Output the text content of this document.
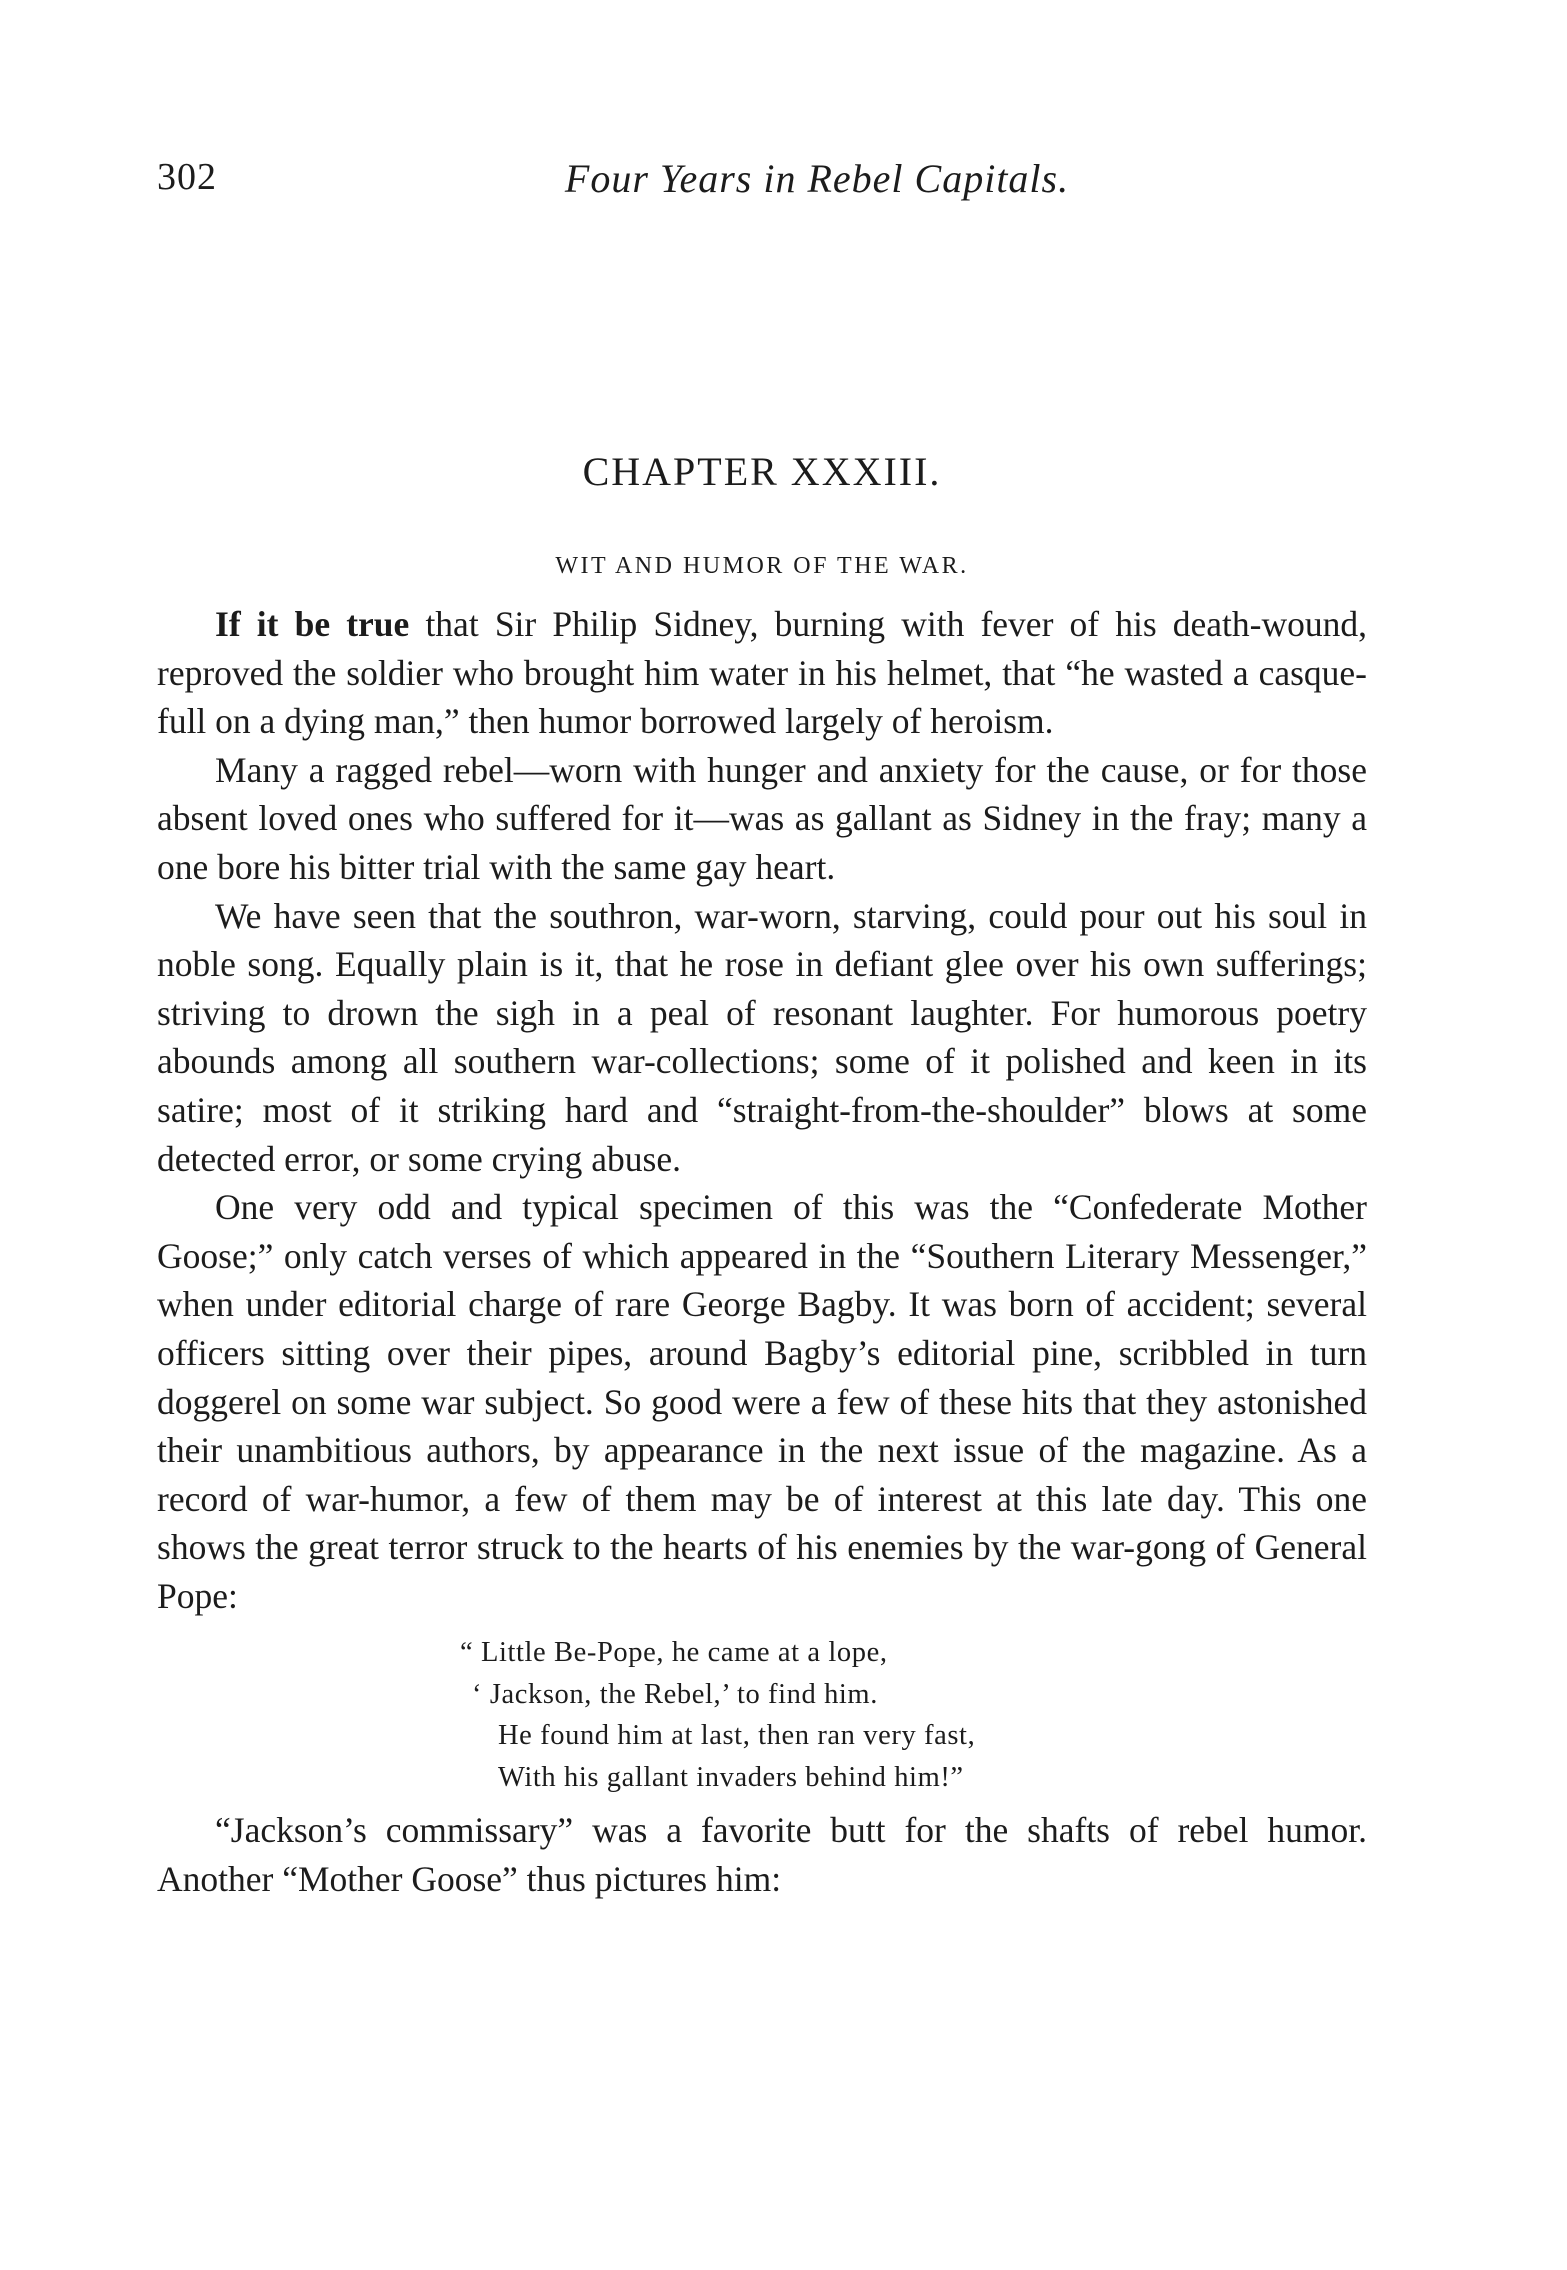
302	Four Years in Rebel Capitals.
CHAPTER XXXIII.
WIT AND HUMOR OF THE WAR.

If it be true that Sir Philip Sidney, burning with fever of his death-wound, reproved the soldier who brought him water in his helmet, that “he wasted a casque-full on a dying man,” then humor borrowed largely of heroism.

Many a ragged rebel—worn with hunger and anxiety for the cause, or for those absent loved ones who suffered for it—was as gallant as Sidney in the fray; many a one bore his bitter trial with the same gay heart.

We have seen that the southron, war-worn, starving, could pour out his soul in noble song. Equally plain is it, that he rose in defiant glee over his own sufferings; striving to drown the sigh in a peal of resonant laughter. For humorous poetry abounds among all southern war-collections; some of it polished and keen in its satire; most of it striking hard and “straight-from-the-shoulder” blows at some detected error, or some crying abuse.

One very odd and typical specimen of this was the “Confederate Mother Goose;” only catch verses of which appeared in the “Southern Literary Messenger,” when under editorial charge of rare George Bagby. It was born of accident; several officers sitting over their pipes, around Bagby’s editorial pine, scribbled in turn doggerel on some war subject. So good were a few of these hits that they astonished their unambitious authors, by appearance in the next issue of the magazine. As a record of war-humor, a few of them may be of interest at this late day. This one shows the great terror struck to the hearts of his enemies by the war-gong of General Pope:

“ Little Be-Pope, he came at a lope,
‘ Jackson, the Rebel,’ to find him.
He found him at last, then ran very fast,
With his gallant invaders behind him!”

“Jackson’s commissary” was a favorite butt for the shafts of rebel humor. Another “Mother Goose” thus pictures him:
